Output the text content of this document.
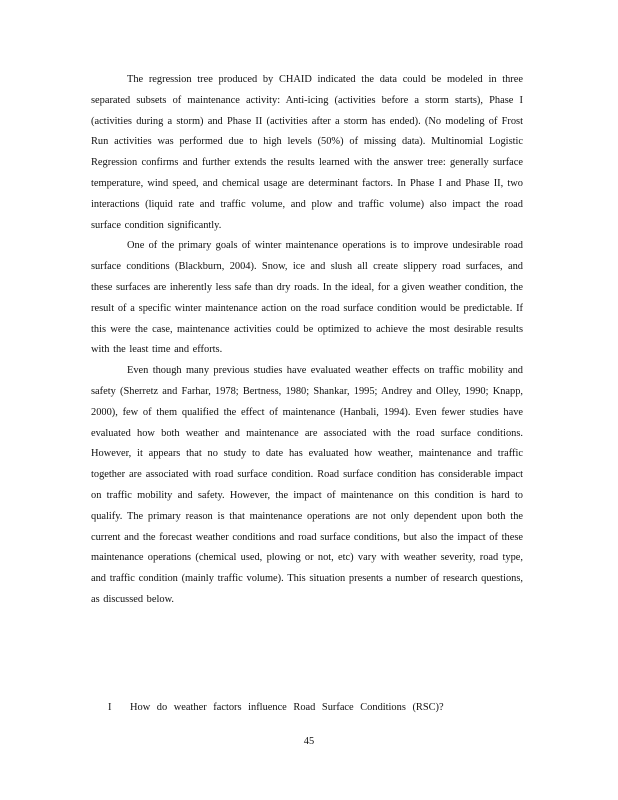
The regression tree produced by CHAID indicated the data could be modeled in three separated subsets of maintenance activity: Anti-icing (activities before a storm starts), Phase I (activities during a storm) and Phase II (activities after a storm has ended). (No modeling of Frost Run activities was performed due to high levels (50%) of missing data). Multinomial Logistic Regression confirms and further extends the results learned with the answer tree: generally surface temperature, wind speed, and chemical usage are determinant factors. In Phase I and Phase II, two interactions (liquid rate and traffic volume, and plow and traffic volume) also impact the road surface condition significantly.

One of the primary goals of winter maintenance operations is to improve undesirable road surface conditions (Blackburn, 2004). Snow, ice and slush all create slippery road surfaces, and these surfaces are inherently less safe than dry roads. In the ideal, for a given weather condition, the result of a specific winter maintenance action on the road surface condition would be predictable. If this were the case, maintenance activities could be optimized to achieve the most desirable results with the least time and efforts.

Even though many previous studies have evaluated weather effects on traffic mobility and safety (Sherretz and Farhar, 1978; Bertness, 1980; Shankar, 1995; Andrey and Olley, 1990; Knapp, 2000), few of them qualified the effect of maintenance (Hanbali, 1994). Even fewer studies have evaluated how both weather and maintenance are associated with the road surface conditions. However, it appears that no study to date has evaluated how weather, maintenance and traffic together are associated with road surface condition. Road surface condition has considerable impact on traffic mobility and safety. However, the impact of maintenance on this condition is hard to qualify. The primary reason is that maintenance operations are not only dependent upon both the current and the forecast weather conditions and road surface conditions, but also the impact of these maintenance operations (chemical used, plowing or not, etc) vary with weather severity, road type, and traffic condition (mainly traffic volume). This situation presents a number of research questions, as discussed below.

I How do weather factors influence Road Surface Conditions (RSC)?
45
